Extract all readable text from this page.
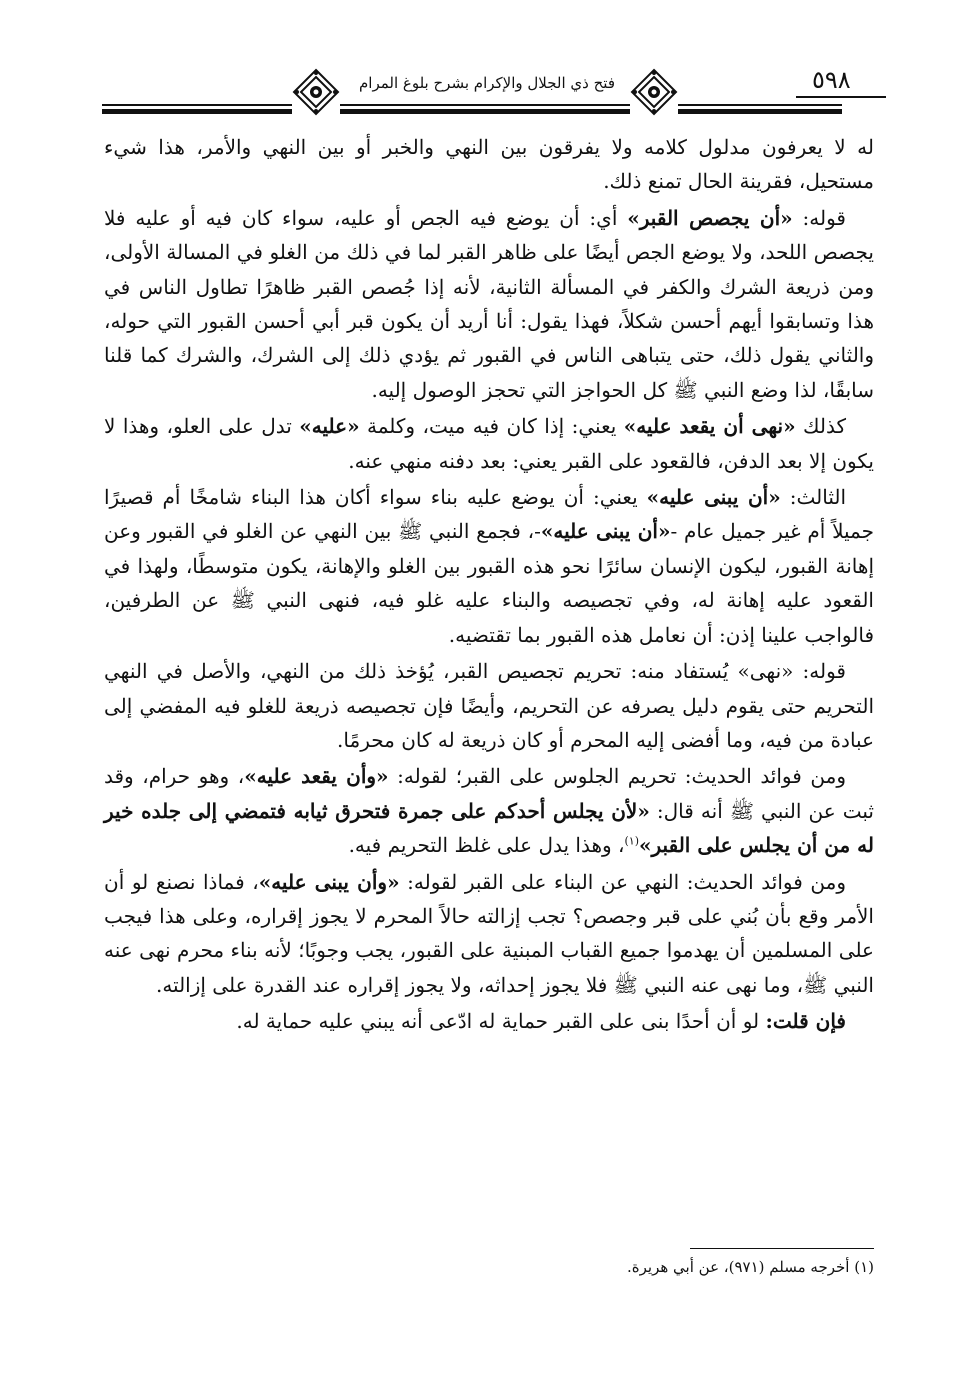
فتح ذي الجلال والإكرام بشرح بلوغ المرام	٥٩٨

له لا يعرفون مدلول كلامه ولا يفرقون بين النهي والخبر أو بين النهي والأمر، هذا شيء مستحيل، فقرينة الحال تمنع ذلك.

قوله: «أن يجصص القبر» أي: أن يوضع فيه الجص أو عليه، سواء كان فيه أو عليه فلا يجصص اللحد، ولا يوضع الجص أيضًا على ظاهر القبر لما في ذلك من الغلو في المسالة الأولى، ومن ذريعة الشرك والكفر في المسألة الثانية، لأنه إذا جُصص القبر ظاهرًا تطاول الناس في هذا وتسابقوا أيهم أحسن شكلاً، فهذا يقول: أنا أريد أن يكون قبر أبي أحسن القبور التي حوله، والثاني يقول ذلك، حتى يتباهى الناس في القبور ثم يؤدي ذلك إلى الشرك، والشرك كما قلنا سابقًا، لذا وضع النبي ﷺ كل الحواجز التي تحجز الوصول إليه.

كذلك «نهى أن يقعد عليه» يعني: إذا كان فيه ميت، وكلمة «عليه» تدل على العلو، وهذا لا يكون إلا بعد الدفن، فالقعود على القبر يعني: بعد دفنه منهي عنه.

الثالث: «أن يبنى عليه» يعني: أن يوضع عليه بناء سواء أكان هذا البناء شامخًا أم قصيرًا جميلاً أم غير جميل عام -«أن يبنى عليه»-، فجمع النبي ﷺ بين النهي عن الغلو في القبور وعن إهانة القبور، ليكون الإنسان سائرًا نحو هذه القبور بين الغلو والإهانة، يكون متوسطًا، ولهذا في القعود عليه إهانة له، وفي تجصيصه والبناء عليه غلو فيه، فنهى النبي ﷺ عن الطرفين، فالواجب علينا إذن: أن نعامل هذه القبور بما تقتضيه.

قوله: «نهى» يُستفاد منه: تحريم تجصيص القبر، يُؤخذ ذلك من النهي، والأصل في النهي التحريم حتى يقوم دليل يصرفه عن التحريم، وأيضًا فإن تجصيصه ذريعة للغلو فيه المفضي إلى عبادة من فيه، وما أفضى إليه المحرم أو كان ذريعة له كان محرمًا.

ومن فوائد الحديث: تحريم الجلوس على القبر؛ لقوله: «وأن يقعد عليه»، وهو حرام، وقد ثبت عن النبي ﷺ أنه قال: «لأن يجلس أحدكم على جمرة فتحرق ثيابه فتمضي إلى جلده خير له من أن يجلس على القبر»$^{(١)}$، وهذا يدل على غلظ التحريم فيه.

ومن فوائد الحديث: النهي عن البناء على القبر لقوله: «وأن يبنى عليه»، فماذا نصنع لو أن الأمر وقع بأن بُني على قبر وجصص؟ تجب إزالته حالاً المحرم لا يجوز إقراره، وعلى هذا فيجب على المسلمين أن يهدموا جميع القباب المبنية على القبور، يجب وجوبًا؛ لأنه بناء محرم نهى عنه النبي ﷺ، وما نهى عنه النبي ﷺ فلا يجوز إحداثه، ولا يجوز إقراره عند القدرة على إزالته.

فإن قلت: لو أن أحدًا بنى على القبر حماية له ادّعى أنه يبني عليه حماية له.

(١) أخرجه مسلم (٩٧١)، عن أبي هريرة.
